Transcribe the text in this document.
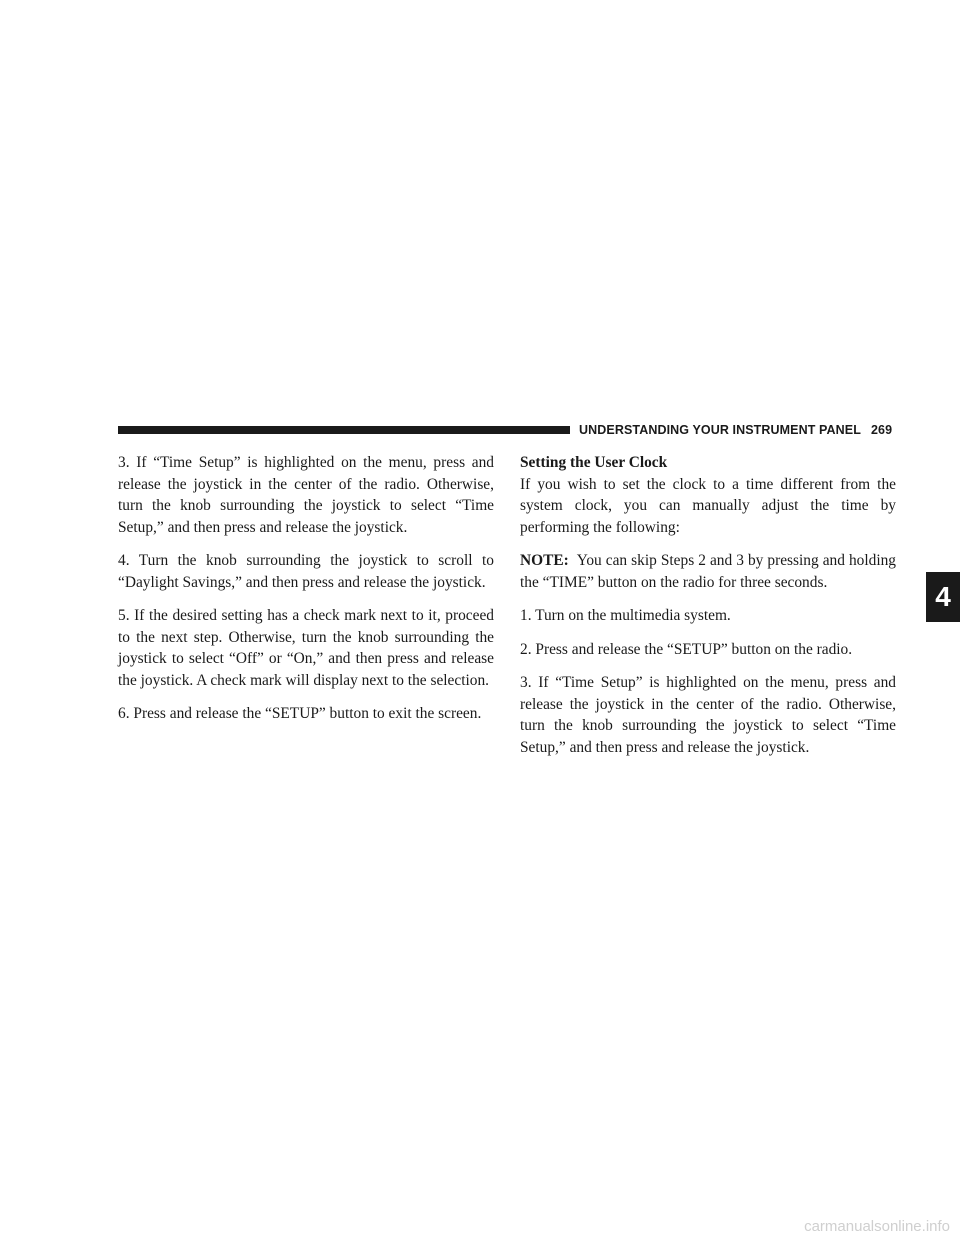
UNDERSTANDING YOUR INSTRUMENT PANEL 269

3. If “Time Setup” is highlighted on the menu, press and release the joystick in the center of the radio. Otherwise, turn the knob surrounding the joystick to select “Time Setup,” and then press and release the joystick.

4. Turn the knob surrounding the joystick to scroll to “Daylight Savings,” and then press and release the joystick.

5. If the desired setting has a check mark next to it, proceed to the next step. Otherwise, turn the knob surrounding the joystick to select “Off” or “On,” and then press and release the joystick. A check mark will display next to the selection.

6. Press and release the “SETUP” button to exit the screen.

Setting the User Clock

If you wish to set the clock to a time different from the system clock, you can manually adjust the time by performing the following:

NOTE: You can skip Steps 2 and 3 by pressing and holding the “TIME” button on the radio for three seconds.

1. Turn on the multimedia system.

2. Press and release the “SETUP” button on the radio.

3. If “Time Setup” is highlighted on the menu, press and release the joystick in the center of the radio. Otherwise, turn the knob surrounding the joystick to select “Time Setup,” and then press and release the joystick.

4
carmanualsonline.info
